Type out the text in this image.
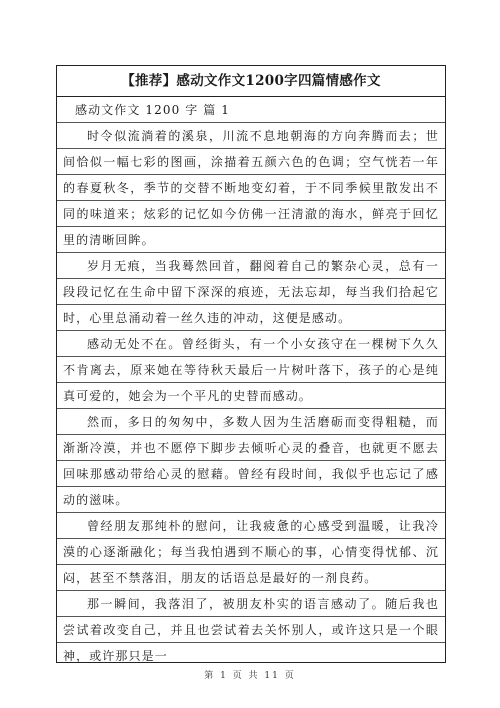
【推荐】感动文作文1200字四篇情感作文
感动文作文 1200 字 篇 1

时令似流淌着的溪泉，川流不息地朝海的方向奔腾而去；世间恰似一幅七彩的图画，涂描着五颜六色的色调；空气恍若一年的春夏秋冬，季节的交替不断地变幻着，于不同季候里散发出不同的味道来；炫彩的记忆如今仿佛一汪清澈的海水，鲜亮于回忆里的清晰回眸。

岁月无痕，当我蓦然回首，翻阅着自己的繁杂心灵，总有一段段记忆在生命中留下深深的痕迹，无法忘却，每当我们拾起它时，心里总涌动着一丝久违的冲动，这便是感动。

感动无处不在。曾经街头，有一个小女孩守在一棵树下久久不肯离去，原来她在等待秋天最后一片树叶落下，孩子的心是纯真可爱的，她会为一个平凡的史替而感动。

然而，多日的匆匆中，多数人因为生活磨砺而变得粗糙，而渐渐冷漠，并也不愿停下脚步去倾听心灵的叠音，也就更不愿去回味那感动带给心灵的慰藉。曾经有段时间，我似乎也忘记了感动的滋味。

曾经朋友那纯朴的慰问，让我疲惫的心感受到温暖，让我冷漠的心逐渐融化；每当我怕遇到不顺心的事，心情变得忧郁、沉闷，甚至不禁落泪，朋友的话语总是最好的一剂良药。

那一瞬间，我落泪了，被朋友朴实的语言感动了。随后我也尝试着改变自己，并且也尝试着去关怀别人，或许这只是一个眼神，或许那只是一

第 1 页 共 11 页
